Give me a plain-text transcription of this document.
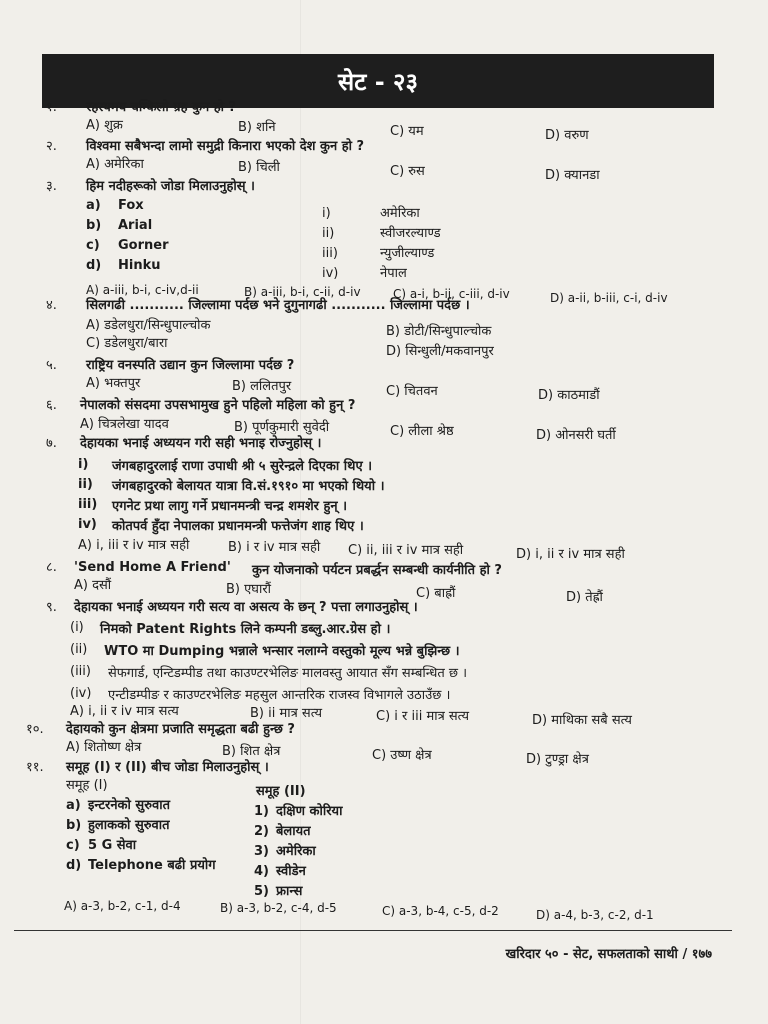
सेट - २३
१. रहस्यमय चम्किलो ग्रह कुन हो ?
A) शुक्र	B) शनि	C) यम	D) वरुण
२. विश्वमा सबैभन्दा लामो समुद्री किनारा भएको देश कुन हो ?
A) अमेरिका	B) चिली	C) रुस	D) क्यानडा
३. हिम नदीहरूको जोडा मिलाउनुहोस् ।
a) Fox
b) Arial
c) Gorner
d) Hinku
i)	अमेरिका
ii)	स्वीजरल्याण्ड
iii)	न्युजील्याण्ड
iv)	नेपाल
A) a-iii, b-i, c-iv,d-ii	B) a-iii, b-i, c-ii, d-iv	C) a-i, b-ii, c-iii, d-iv	D) a-ii, b-iii, c-i, d-iv
४. सिलगढी ........... जिल्लामा पर्दछ भने दुगुनागढी ........... जिल्लामा पर्दछ ।
A) डडेलधुरा/सिन्धुपाल्चोक	B) डोटी/सिन्धुपाल्चोक
C) डडेलधुरा/बारा
D) सिन्धुली/मकवानपुर
५. राष्ट्रिय वनस्पति उद्यान कुन जिल्लामा पर्दछ ?
A) भक्तपुर	B) ललितपुर	C) चितवन	D) काठमाडौं
६. नेपालको संसदमा उपसभामुख हुने पहिलो महिला को हुन् ?
A) चित्रलेखा यादव	B) पूर्णकुमारी सुवेदी	C) लीला श्रेष्ठ	D) ओनसरी घर्ती
७. देहायका भनाई अध्ययन गरी सही भनाइ रोज्नुहोस् ।
i) जंगबहादुरलाई राणा उपाधी श्री ५ सुरेन्द्रले दिएका थिए ।
ii) जंगबहादुरको बेलायत यात्रा वि.सं.१९१० मा भएको थियो ।
iii) एगनेट प्रथा लागु गर्ने प्रधानमन्त्री चन्द्र शमशेर हुन् ।
iv) कोतपर्व हुँदा नेपालका प्रधानमन्त्री फत्तेजंग शाह थिए ।
A) i, iii र iv मात्र सही	B) i र iv मात्र सही C) ii, iii र iv मात्र सही	D) i, ii र iv मात्र सही
८. 'Send Home A Friend' कुन योजनाको पर्यटन प्रबर्द्धन सम्बन्धी कार्यनीति हो ?
A) दसौं	B) एघारौं	C) बाह्रौं	D) तेह्रौं
९. देहायका भनाई अध्ययन गरी सत्य वा असत्य के छन् ? पत्ता लगाउनुहोस् ।
(i) निमको Patent Rights लिने कम्पनी डब्लु.आर.ग्रेस हो ।
(ii) WTO मा Dumping भन्नाले भन्सार नलाग्ने वस्तुको मूल्य भन्ने बुझिन्छ ।
(iii) सेफगार्ड, एन्टिडम्पीड तथा काउण्टरभेलिङ मालवस्तु आयात सँग सम्बन्धित छ ।
(iv) एन्टीडम्पीङ र काउण्टरभेलिङ महसुल आन्तरिक राजस्व विभागले उठाउँछ ।
A) i, ii र iv मात्र सत्य	B) ii मात्र सत्य	C) i र iii मात्र सत्य	D) माथिका सबै सत्य
१०. देहायको कुन क्षेत्रमा प्रजाति समृद्धता बढी हुन्छ ?
A) शितोष्ण क्षेत्र	B) शित क्षेत्र	C) उष्ण क्षेत्र	D) टुण्ड्रा क्षेत्र
११. समूह (I) र (II) बीच जोडा मिलाउनुहोस् ।
समूह (I)	समूह (II)
a) इन्टरनेको सुरुवात
b) हुलाकको सुरुवात
c) 5 G सेवा
d) Telephone बढी प्रयोग
1) दक्षिण कोरिया
2) बेलायत
3) अमेरिका
4) स्वीडेन
5) फ्रान्स
A) a-3, b-2, c-1, d-4	B) a-3, b-2, c-4, d-5	C) a-3, b-4, c-5, d-2	D) a-4, b-3, c-2, d-1
खरिदार ५० - सेट, सफलताको साथी / १७७
